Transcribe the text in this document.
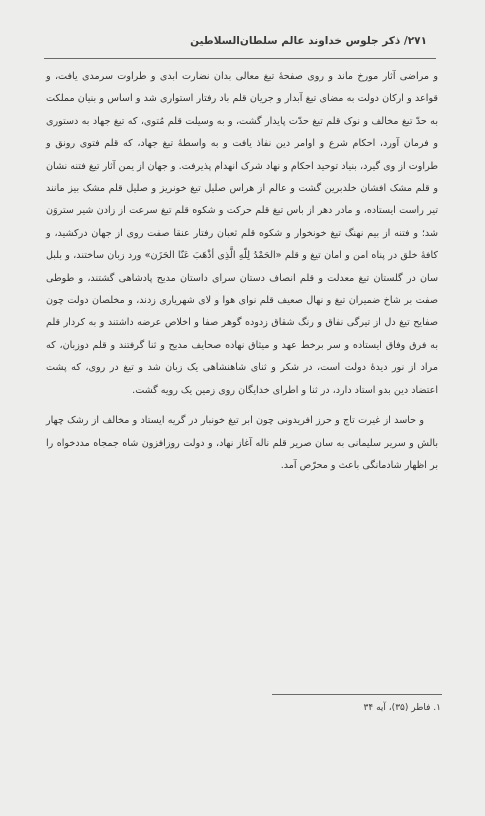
۲۷۱/ ذکر جلوس خداوند عالم سلطان‌السلاطین

و مراضی آثار مورخ ماند و روی صفحهٔ تیغ معالی بدان نضارت ابدی و طراوت سرمدی یافت، و قواعد و ارکان دولت به مضای تیغ آبدار و جریان قلم باد رفتار استواری شد و اساس و بنیان مملکت به حدّ تیغ مخالف و نوک قلم تیغ حدّت پایدار گشت، و به وسیلت قلم مُتوی، که تیغ جهاد به دستوری و فرمان آورد، احکام شرع و اوامر دین نفاذ یافت و به واسطهٔ تیغ جهاد، که قلم فتوی رونق و طراوت از وی گیرد، بنیاد توحید احکام و نهاد شرک انهدام پذیرفت. و جهان از یمن آثار تیغ فتنه نشان و قلم مشک افشان خلدبرین گشت و عالم از هراس صلیل تیغ خونریز و صلیل قلم مشک بیز مانند تیر راست ایستاده، و مادر دهر از باس تیغ قلم حرکت و شکوه قلم تیغ سرعت از زادن شیر ستروَن شد؛ و فتنه از بیم نهنگ تیغ خونخوار و شکوه قلم ثعبان رفتار عنقا صفت روی از جهان درکشید، و کافهٔ خلق در پناه امن و امان تیغ و قلم «الحَمْدُ لِلّهِ الَّذِی أذْهَبَ عَنّا الحَزَن» ورد زبان ساختند، و بلبل سان در گلستان تیغ معدلت و قلم انصاف دستان سرای داستان مدیح پادشاهی گشتند، و طوطی صفت بر شاخ ضمیران تیغ و نهال صعیف قلم نوای هوا و لای شهریاری زدند، و مخلصان دولت چون صفایح تیغ دل از تیرگی نفاق و رنگ شقاق زدوده گوهر صفا و اخلاص عرضه داشتند و به کردار قلم به فرق وفاق ایستاده و سر برخط عهد و میثاق نهاده صحایف مدیح و ثنا گرفتند و قلم دوزبان، که مراد از نور دیدهٔ دولت است، در شکر و ثنای شاهنشاهی یک زبان شد و تیغ در روی، که پشت اعتضاد دین بدو استاد دارد، در ثنا و اطرای خدایگان روی زمین یک رویه گشت.

و حاسد از غیرت تاج و حرز افریدونی چون ابر تیغ خونبار در گریه ایستاد و مخالف از رشک چهار بالش و سریر سلیمانی به سان صریر قلم ناله آغاز نهاد، و دولت روزافزون شاه جمجاه مددخواه را بر اظهار شادمانگی باعث و محرّص آمد.

۱. فاطر (۳۵)، آیه ۳۴
